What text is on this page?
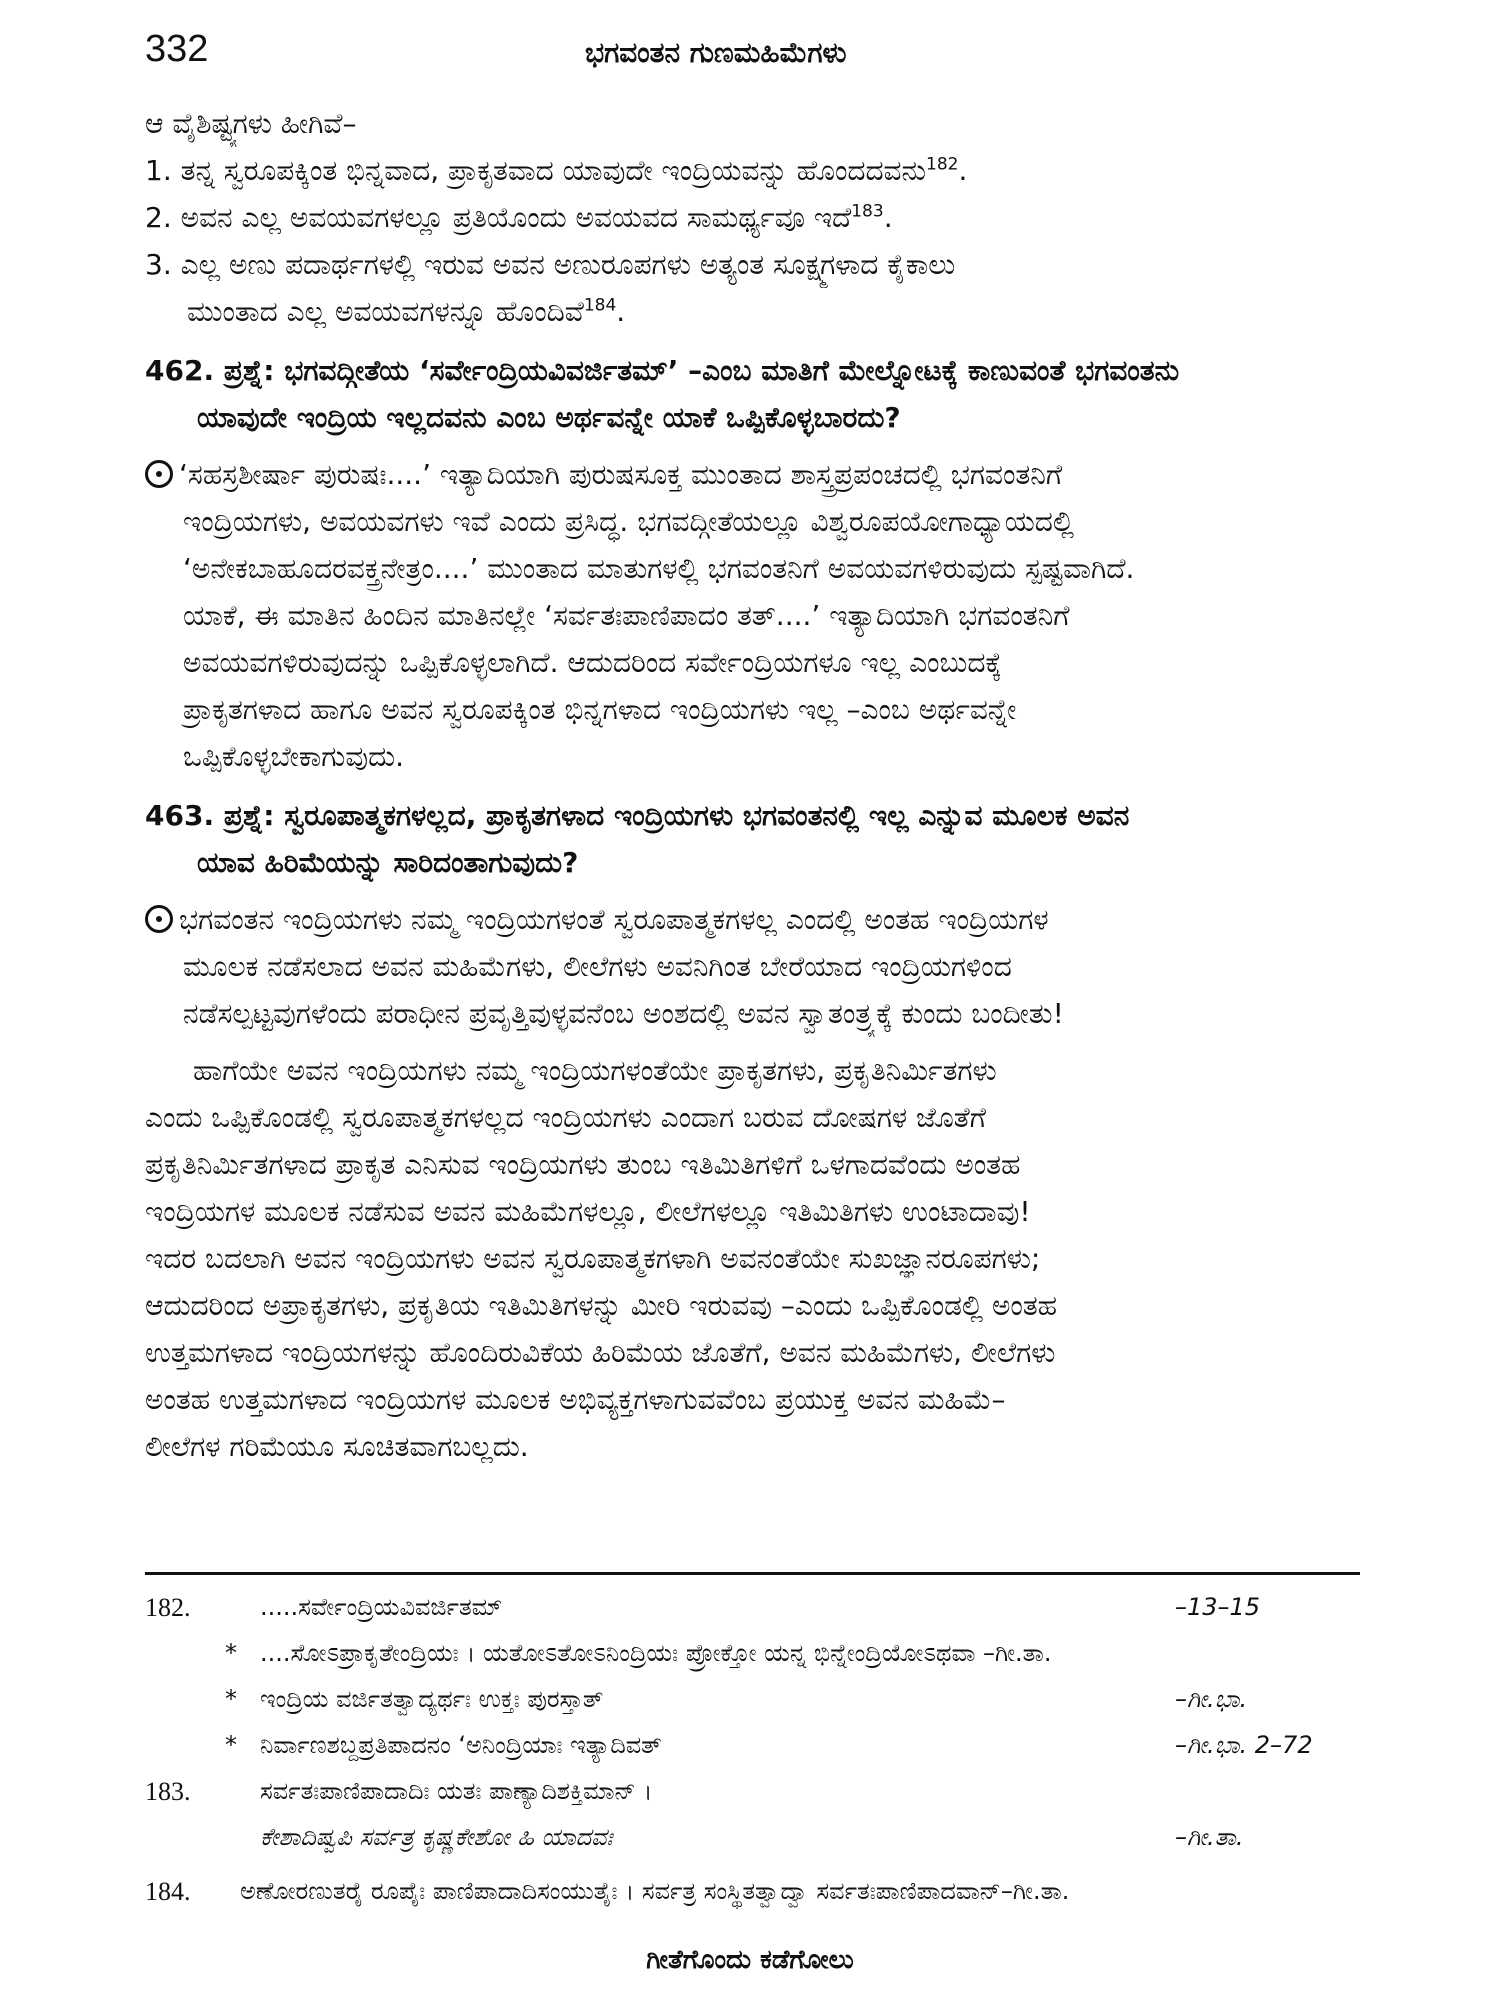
332	ಭಗವಂತನ ಗುಣಮಹಿಮೆಗಳು
ಆ ವೈಶಿಷ್ಟ್ಯಗಳು ಹೀಗಿವೆ–
1. ತನ್ನ ಸ್ವರೂಪಕ್ಕಿಂತ ಭಿನ್ನವಾದ, ಪ್ರಾಕೃತವಾದ ಯಾವುದೇ ಇಂದ್ರಿಯವನ್ನು ಹೊಂದದವನು$^{182}$.
2. ಅವನ ಎಲ್ಲ ಅವಯವಗಳಲ್ಲೂ ಪ್ರತಿಯೊಂದು ಅವಯವದ ಸಾಮರ್ಥ್ಯವೂ ಇದೆ$^{183}$.
3. ಎಲ್ಲ ಅಣು ಪದಾರ್ಥಗಳಲ್ಲಿ ಇರುವ ಅವನ ಅಣುರೂಪಗಳು ಅತ್ಯಂತ ಸೂಕ್ಷ್ಮಗಳಾದ ಕೈಕಾಲು
ಮುಂತಾದ ಎಲ್ಲ ಅವಯವಗಳನ್ನೂ ಹೊಂದಿವೆ$^{184}$.
462. ಪ್ರಶ್ನೆ: ಭಗವದ್ಗೀತೆಯ ‘ಸರ್ವೇಂದ್ರಿಯವಿವರ್ಜಿತಮ್’ –ಎಂಬ ಮಾತಿಗೆ ಮೇಲ್ನೋಟಕ್ಕೆ ಕಾಣುವಂತೆ ಭಗವಂತನು
ಯಾವುದೇ ಇಂದ್ರಿಯ ಇಲ್ಲದವನು ಎಂಬ ಅರ್ಥವನ್ನೇ ಯಾಕೆ ಒಪ್ಪಿಕೊಳ್ಳಬಾರದು?
‘ಸಹಸ್ರಶೀರ್ಷಾ ಪುರುಷಃ....’ ಇತ್ಯಾದಿಯಾಗಿ ಪುರುಷಸೂಕ್ತ ಮುಂತಾದ ಶಾಸ್ತ್ರಪ್ರಪಂಚದಲ್ಲಿ ಭಗವಂತನಿಗೆ
ಇಂದ್ರಿಯಗಳು, ಅವಯವಗಳು ಇವೆ ಎಂದು ಪ್ರಸಿದ್ಧ. ಭಗವದ್ಗೀತೆಯಲ್ಲೂ ವಿಶ್ವರೂಪಯೋಗಾಧ್ಯಾಯದಲ್ಲಿ
‘ಅನೇಕಬಾಹೂದರವಕ್ತ್ರನೇತ್ರಂ....’ ಮುಂತಾದ ಮಾತುಗಳಲ್ಲಿ ಭಗವಂತನಿಗೆ ಅವಯವಗಳಿರುವುದು ಸ್ಪಷ್ಟವಾಗಿದೆ.
ಯಾಕೆ, ಈ ಮಾತಿನ ಹಿಂದಿನ ಮಾತಿನಲ್ಲೇ ‘ಸರ್ವತಃಪಾಣಿಪಾದಂ ತತ್....’ ಇತ್ಯಾದಿಯಾಗಿ ಭಗವಂತನಿಗೆ
ಅವಯವಗಳಿರುವುದನ್ನು ಒಪ್ಪಿಕೊಳ್ಳಲಾಗಿದೆ. ಆದುದರಿಂದ ಸರ್ವೇಂದ್ರಿಯಗಳೂ ಇಲ್ಲ ಎಂಬುದಕ್ಕೆ
ಪ್ರಾಕೃತಗಳಾದ ಹಾಗೂ ಅವನ ಸ್ವರೂಪಕ್ಕಿಂತ ಭಿನ್ನಗಳಾದ ಇಂದ್ರಿಯಗಳು ಇಲ್ಲ –ಎಂಬ ಅರ್ಥವನ್ನೇ
ಒಪ್ಪಿಕೊಳ್ಳಬೇಕಾಗುವುದು.
463. ಪ್ರಶ್ನೆ: ಸ್ವರೂಪಾತ್ಮಕಗಳಲ್ಲದ, ಪ್ರಾಕೃತಗಳಾದ ಇಂದ್ರಿಯಗಳು ಭಗವಂತನಲ್ಲಿ ಇಲ್ಲ ಎನ್ನುವ ಮೂಲಕ ಅವನ
ಯಾವ ಹಿರಿಮೆಯನ್ನು ಸಾರಿದಂತಾಗುವುದು?
ಭಗವಂತನ ಇಂದ್ರಿಯಗಳು ನಮ್ಮ ಇಂದ್ರಿಯಗಳಂತೆ ಸ್ವರೂಪಾತ್ಮಕಗಳಲ್ಲ ಎಂದಲ್ಲಿ ಅಂತಹ ಇಂದ್ರಿಯಗಳ
ಮೂಲಕ ನಡೆಸಲಾದ ಅವನ ಮಹಿಮೆಗಳು, ಲೀಲೆಗಳು ಅವನಿಗಿಂತ ಬೇರೆಯಾದ ಇಂದ್ರಿಯಗಳಿಂದ
ನಡೆಸಲ್ಪಟ್ಟವುಗಳೆಂದು ಪರಾಧೀನ ಪ್ರವೃತ್ತಿವುಳ್ಳವನೆಂಬ ಅಂಶದಲ್ಲಿ ಅವನ ಸ್ವಾತಂತ್ರ್ಯಕ್ಕೆ ಕುಂದು ಬಂದೀತು!
ಹಾಗೆಯೇ ಅವನ ಇಂದ್ರಿಯಗಳು ನಮ್ಮ ಇಂದ್ರಿಯಗಳಂತೆಯೇ ಪ್ರಾಕೃತಗಳು, ಪ್ರಕೃತಿನಿರ್ಮಿತಗಳು
ಎಂದು ಒಪ್ಪಿಕೊಂಡಲ್ಲಿ ಸ್ವರೂಪಾತ್ಮಕಗಳಲ್ಲದ ಇಂದ್ರಿಯಗಳು ಎಂದಾಗ ಬರುವ ದೋಷಗಳ ಜೊತೆಗೆ
ಪ್ರಕೃತಿನಿರ್ಮಿತಗಳಾದ ಪ್ರಾಕೃತ ಎನಿಸುವ ಇಂದ್ರಿಯಗಳು ತುಂಬ ಇತಿಮಿತಿಗಳಿಗೆ ಒಳಗಾದವೆಂದು ಅಂತಹ
ಇಂದ್ರಿಯಗಳ ಮೂಲಕ ನಡೆಸುವ ಅವನ ಮಹಿಮೆಗಳಲ್ಲೂ, ಲೀಲೆಗಳಲ್ಲೂ ಇತಿಮಿತಿಗಳು ಉಂಟಾದಾವು!
ಇದರ ಬದಲಾಗಿ ಅವನ ಇಂದ್ರಿಯಗಳು ಅವನ ಸ್ವರೂಪಾತ್ಮಕಗಳಾಗಿ ಅವನಂತೆಯೇ ಸುಖಜ್ಞಾನರೂಪಗಳು;
ಆದುದರಿಂದ ಅಪ್ರಾಕೃತಗಳು, ಪ್ರಕೃತಿಯ ಇತಿಮಿತಿಗಳನ್ನು ಮೀರಿ ಇರುವವು –ಎಂದು ಒಪ್ಪಿಕೊಂಡಲ್ಲಿ ಅಂತಹ
ಉತ್ತಮಗಳಾದ ಇಂದ್ರಿಯಗಳನ್ನು ಹೊಂದಿರುವಿಕೆಯ ಹಿರಿಮೆಯ ಜೊತೆಗೆ, ಅವನ ಮಹಿಮೆಗಳು, ಲೀಲೆಗಳು
ಅಂತಹ ಉತ್ತಮಗಳಾದ ಇಂದ್ರಿಯಗಳ ಮೂಲಕ ಅಭಿವ್ಯಕ್ತಗಳಾಗುವವೆಂಬ ಪ್ರಯುಕ್ತ ಅವನ ಮಹಿಮೆ–
ಲೀಲೆಗಳ ಗರಿಮೆಯೂ ಸೂಚಿತವಾಗಬಲ್ಲದು.
182.	.....ಸರ್ವೇಂದ್ರಿಯವಿವರ್ಜಿತಮ್	–13–15
* ....ಸೋಽಪ್ರಾಕೃತೇಂದ್ರಿಯಃ । ಯತೋಽತೋಽನಿಂದ್ರಿಯಃ ಪ್ರೋಕ್ತೋ ಯನ್ನ ಭಿನ್ನೇಂದ್ರಿಯೋಽಥವಾ –ಗೀ.ತಾ.
* ಇಂದ್ರಿಯ ವರ್ಜಿತತ್ವಾದ್ಯರ್ಥಃ ಉಕ್ತಃ ಪುರಸ್ತಾತ್	–ಗೀ.ಭಾ.
* ನಿರ್ವಾಣಶಬ್ದಪ್ರತಿಪಾದನಂ ‘ಅನಿಂದ್ರಿಯಾಃ ಇತ್ಯಾದಿವತ್	–ಗೀ.ಭಾ. 2–72
183.	ಸರ್ವತಃಪಾಣಿಪಾದಾದಿಃ ಯತಃ ಪಾಣ್ಯಾದಿಶಕ್ತಿಮಾನ್ ।
ಕೇಶಾದಿಷ್ವಪಿ ಸರ್ವತ್ರ ಕೃಷ್ಣಕೇಶೋ ಹಿ ಯಾದವಃ	–ಗೀ.ತಾ.
184. ಅಣೋರಣುತರೈ ರೂಪೈಃ ಪಾಣಿಪಾದಾದಿಸಂಯುತೈಃ । ಸರ್ವತ್ರ ಸಂಸ್ಥಿತತ್ವಾದ್ವಾ ಸರ್ವತಃಪಾಣಿಪಾದವಾನ್–ಗೀ.ತಾ.
ಗೀತೆಗೊಂದು ಕಡೆಗೋಲು
